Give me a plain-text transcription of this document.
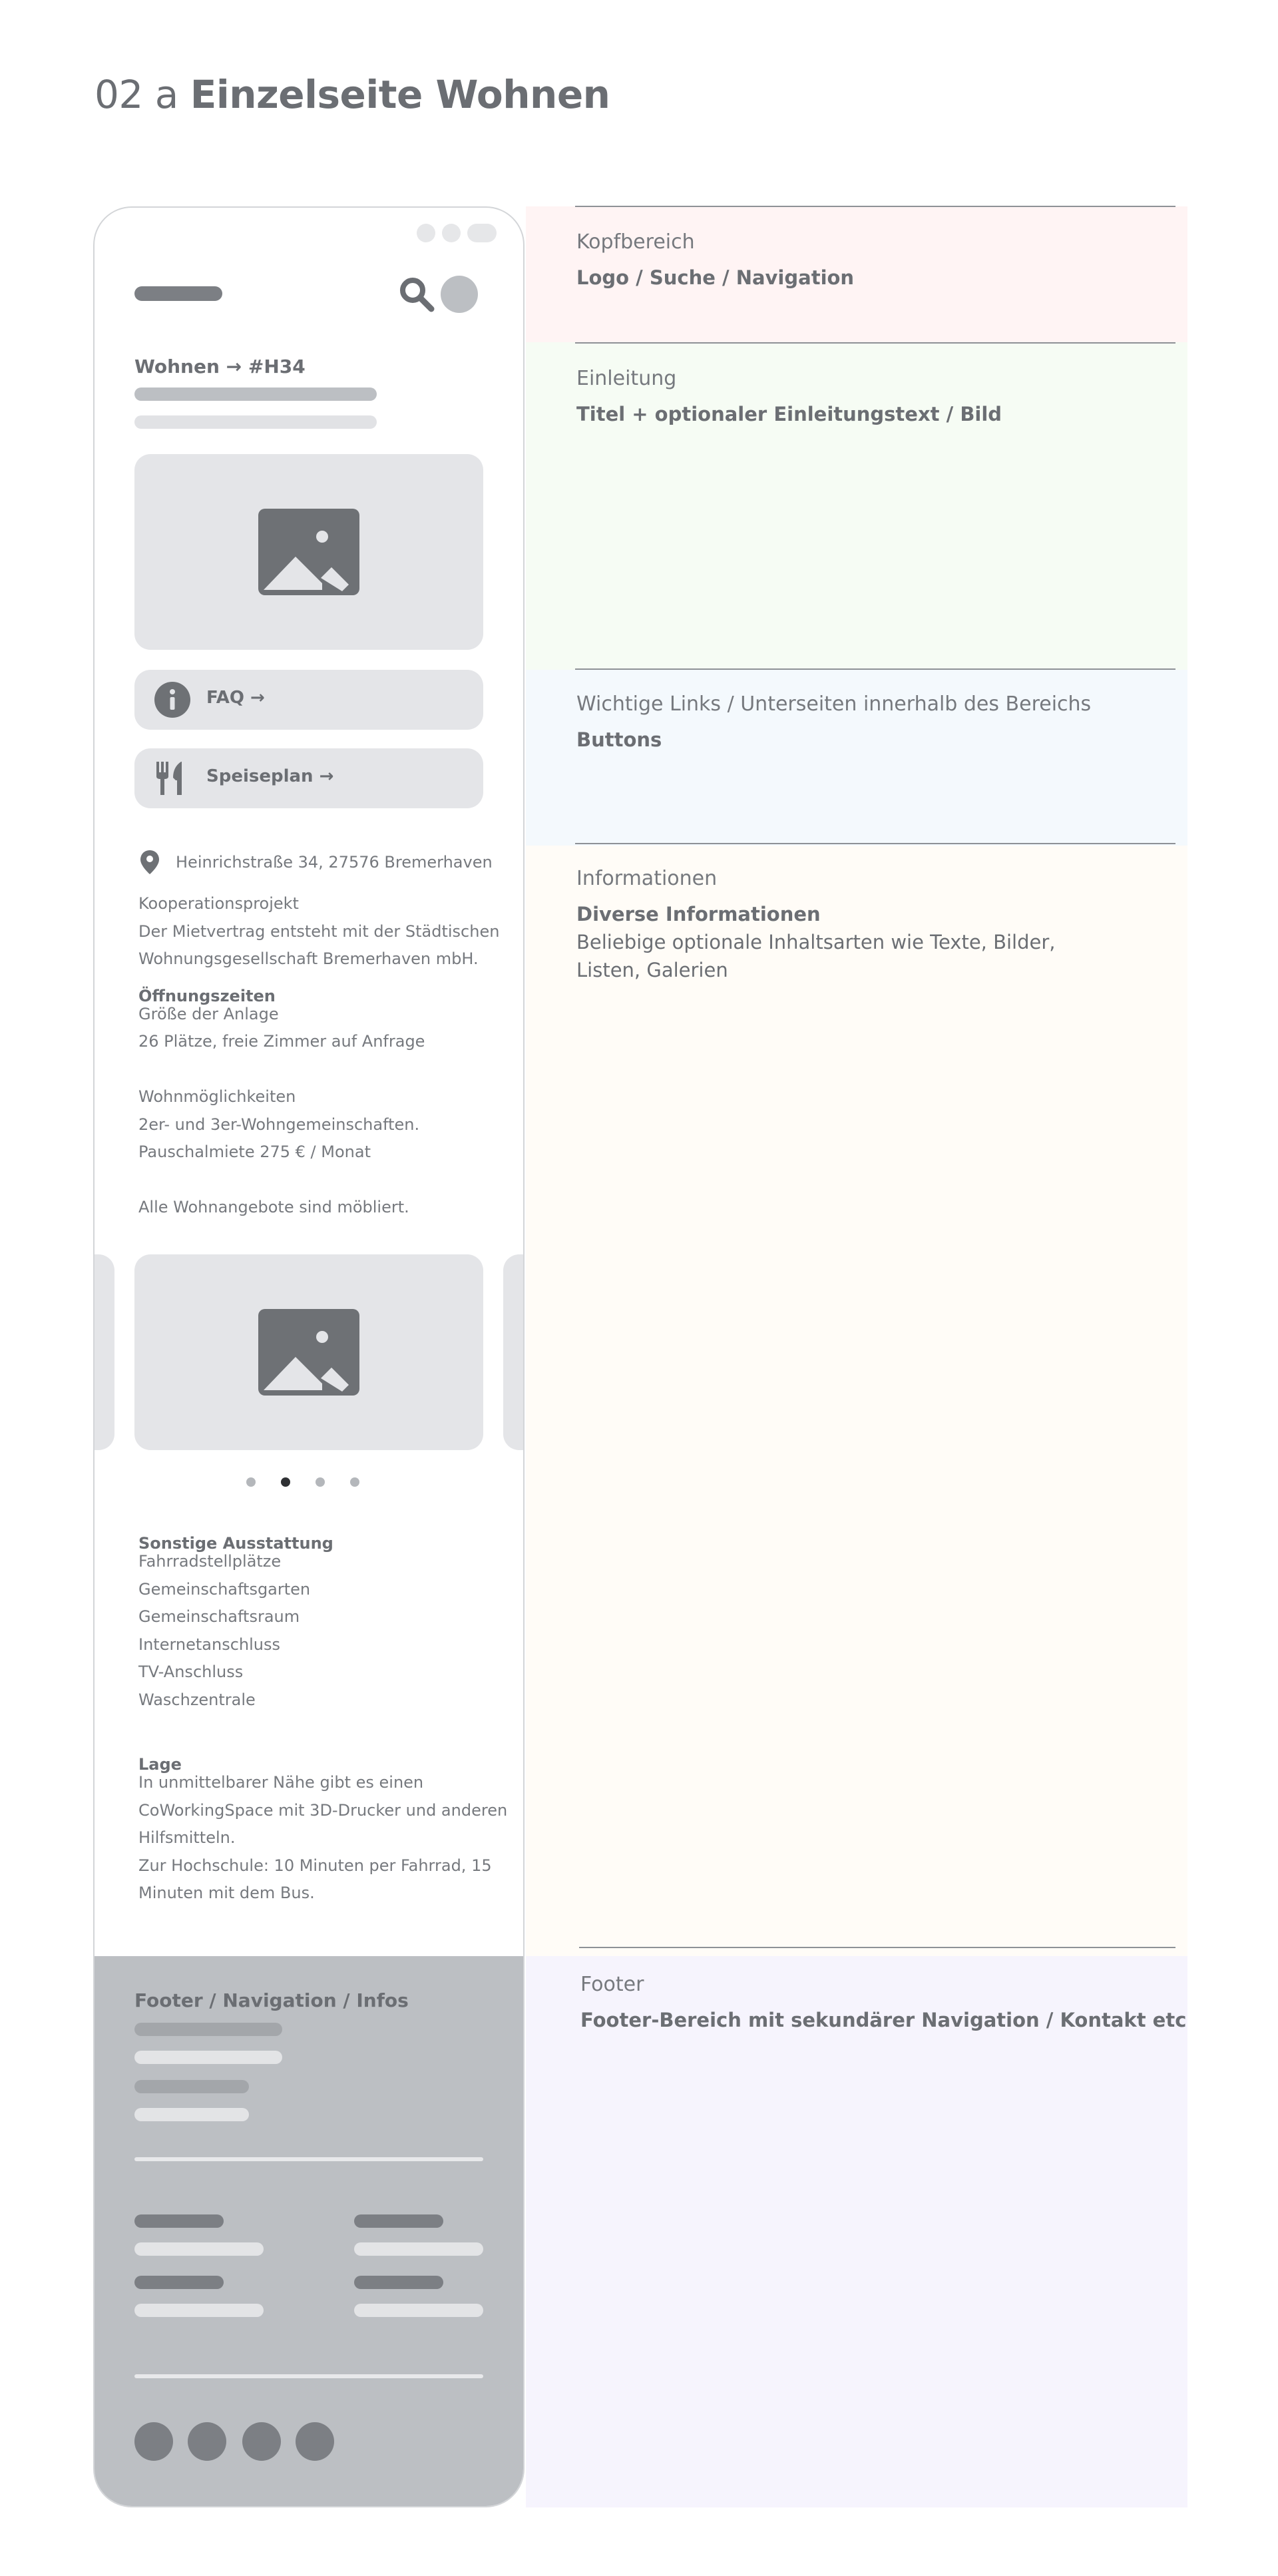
02 a Einzelseite Wohnen
Kopfbereich
Logo / Suche / Navigation
Einleitung
Titel + optionaler Einleitungstext / Bild
Wichtige Links / Unterseiten innerhalb des Bereichs
Buttons
Informationen
Diverse Informationen
Beliebige optionale Inhaltsarten wie Texte, Bilder,
Listen, Galerien
Footer
Footer-Bereich mit sekundärer Navigation / Kontakt etc
Wohnen → #H34
FAQ →
Speiseplan →
Heinrichstraße 34, 27576 Bremerhaven
Kooperationsprojekt
Der Mietvertrag entsteht mit der Städtischen
Wohnungsgesellschaft Bremerhaven mbH.
Öffnungszeiten
Größe der Anlage
26 Plätze, freie Zimmer auf Anfrage
Wohnmöglichkeiten
2er- und 3er-Wohngemeinschaften.
Pauschalmiete 275 € / Monat
Alle Wohnangebote sind möbliert.
Sonstige Ausstattung
Fahrradstellplätze
Gemeinschaftsgarten
Gemeinschaftsraum
Internetanschluss
TV-Anschluss
Waschzentrale
Lage
In unmittelbarer Nähe gibt es einen
CoWorkingSpace mit 3D-Drucker und anderen
Hilfsmitteln.
Zur Hochschule: 10 Minuten per Fahrrad, 15
Minuten mit dem Bus.
Footer / Navigation / Infos
